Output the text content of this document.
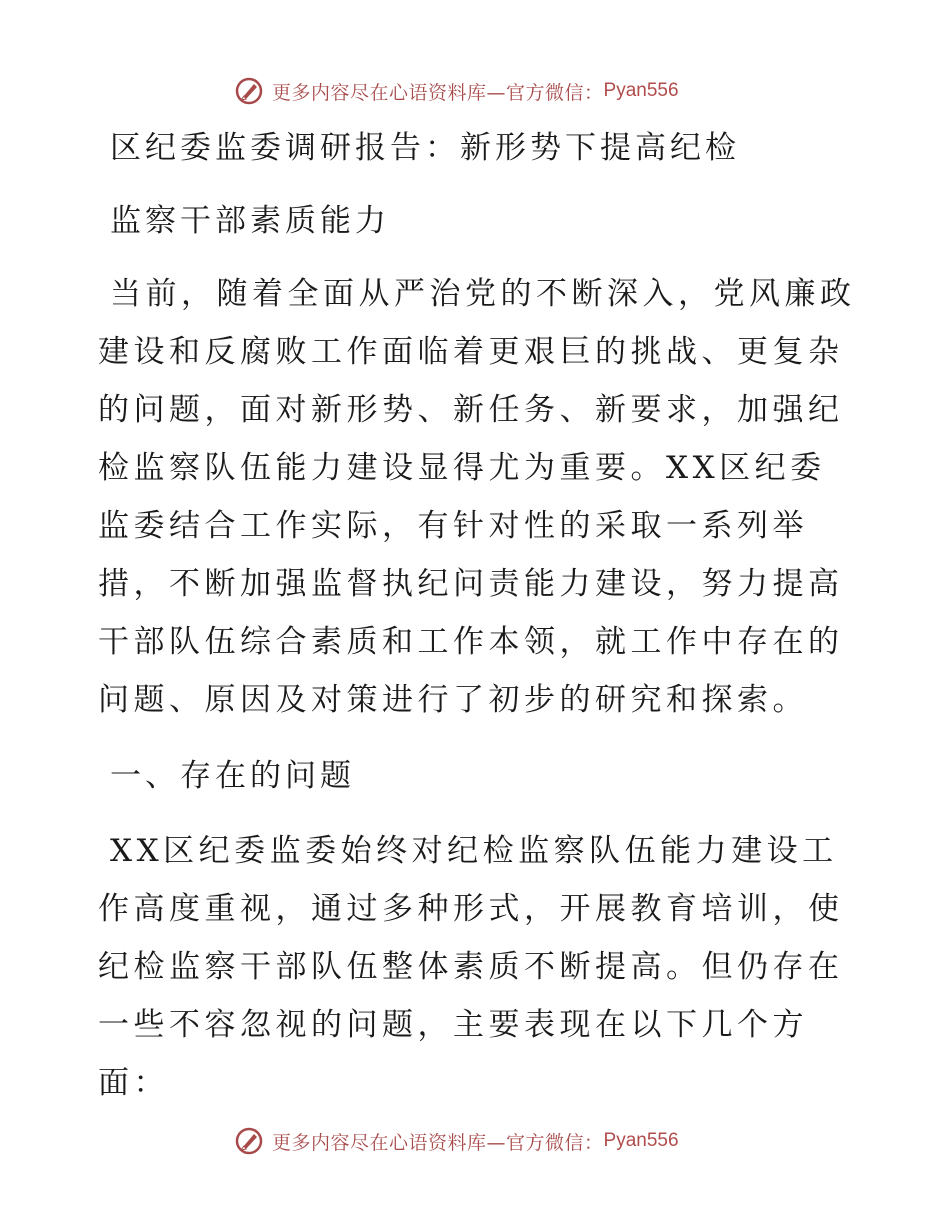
更多内容尽在心语资料库—官方微信： Pyan556
区纪委监委调研报告：新形势下提高纪检
监察干部素质能力

当前，随着全面从严治党的不断深入，党风廉政建设和反腐败工作面临着更艰巨的挑战、更复杂的问题，面对新形势、新任务、新要求，加强纪检监察队伍能力建设显得尤为重要。XX区纪委监委结合工作实际，有针对性的采取一系列举措，不断加强监督执纪问责能力建设，努力提高干部队伍综合素质和工作本领，就工作中存在的问题、原因及对策进行了初步的研究和探索。

一、存在的问题

XX区纪委监委始终对纪检监察队伍能力建设工作高度重视，通过多种形式，开展教育培训，使纪检监察干部队伍整体素质不断提高。但仍存在一些不容忽视的问题，主要表现在以下几个方面：

更多内容尽在心语资料库—官方微信： Pyan556
